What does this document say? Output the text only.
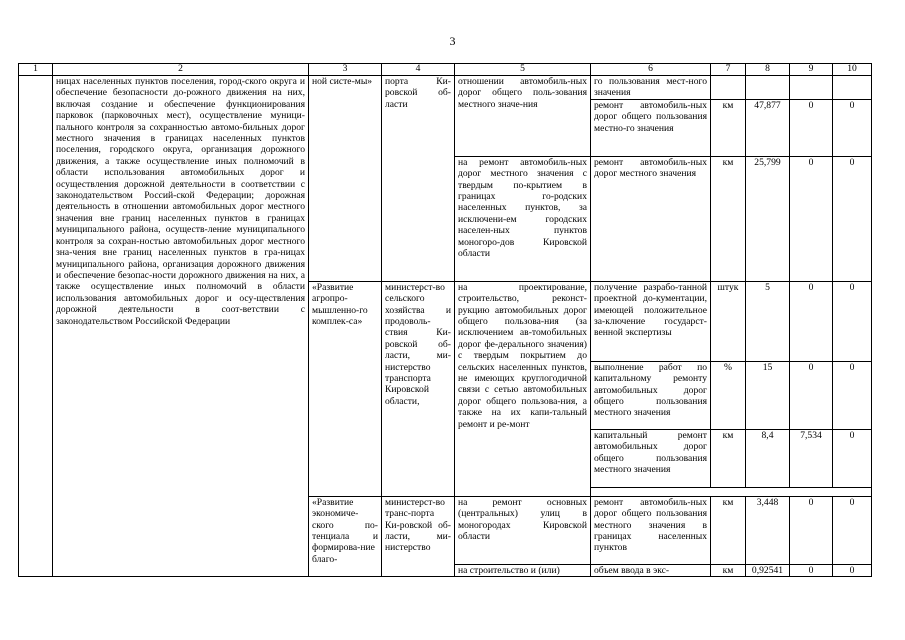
3
1	2	3	4	5	6	7	8	9	10
	ницах населенных пунктов поселения, город-ского округа и обеспечение безопасности до-рожного движения на них, включая создание и обеспечение функционирования парковок (парковочных мест), осуществление муници-пального контроля за сохранностью автомо-бильных дорог местного значения в границах населенных пунктов поселения, городского округа, организация дорожного движения, а также осуществление иных полномочий в области использования автомобильных дорог и осуществления дорожной деятельности в соответствии с законодательством Россий-ской Федерации; дорожная деятельность в отношении автомобильных дорог местного значения вне границ населенных пунктов в границах муниципального района, осуществ-ление муниципального контроля за сохран-ностью автомобильных дорог местного зна-чения вне границ населенных пунктов в гра-ницах муниципального района, организация дорожного движения и обеспечение безопас-ности дорожного движения на них, а также осуществление иных полномочий в области использования автомобильных дорог и осу-ществления дорожной деятельности в соот-ветствии с законодательством Российской Федерации	ной систе-мы»	порта Ки-ровской об-ласти	отношении автомобиль-ных дорог общего поль-зования местного значе-ния	го пользования мест-ного значения				
					ремонт автомобиль-ных дорог общего пользования местно-го значения	км	47,877	0	0
				на ремонт автомобиль-ных дорог местного значения с твердым по-крытием в границах го-родских населенных пунктов, за исключени-ем городских населен-ных пунктов моногоро-дов Кировской области	ремонт автомобиль-ных дорог местного значения	км	25,799	0	0
		«Развитие агропро-мышленно-го комплек-са»	министерст-во сельского хозяйства и продоволь-ствия Ки-ровской об-ласти, ми-нистерство транспорта Кировской области,	на проектирование, строительство, реконст-рукцию автомобильных дорог общего пользова-ния (за исключением ав-томобильных дорог фе-дерального значения) с твердым покрытием до сельских населенных пунктов, не имеющих круглогодичной связи с сетью автомобильных дорог общего пользова-ния, а также на их капи-тальный ремонт и ре-монт	получение разрабо-танной проектной до-кументации, имеющей положительное за-ключение государст-венной экспертизы	штук	5	0	0
					выполнение работ по капитальному ремонту автомобильных дорог общего пользования местного значения	%	15	0	0
					капитальный ремонт автомобильных дорог общего пользования местного значения	км	8,4	7,534	0

		«Развитие экономиче-ского по-тенциала и формирова-ние благо-	министерст-во транс-порта Ки-ровской об-ласти, ми-нистерство	на ремонт основных (центральных) улиц в моногородах Кировской области	ремонт автомобиль-ных дорог общего пользования местного значения в границах населенных пунктов	км	3,448	0	0
				на строительство и (или)	объем ввода в экс-	км	0,92541	0	0
